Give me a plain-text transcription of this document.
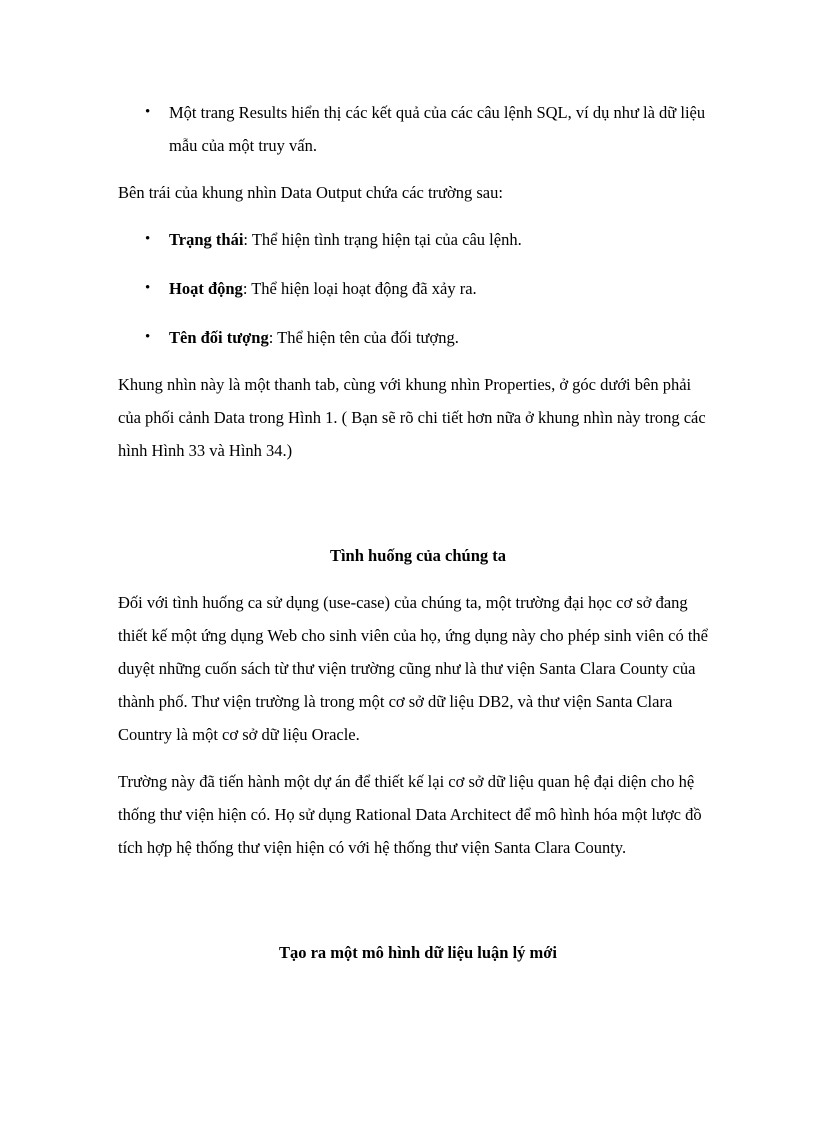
• Một trang Results hiển thị các kết quả của các câu lệnh SQL, ví dụ như là dữ liệu mẫu của một truy vấn.

Bên trái của khung nhìn Data Output chứa các trường sau:

• Trạng thái: Thể hiện tình trạng hiện tại của câu lệnh.
• Hoạt động: Thể hiện loại hoạt động đã xảy ra.
• Tên đối tượng: Thể hiện tên của đối tượng.

Khung nhìn này là một thanh tab, cùng với khung nhìn Properties, ở góc dưới bên phải của phối cảnh Data trong Hình 1. ( Bạn sẽ rõ chi tiết hơn nữa ở khung nhìn này trong các hình Hình 33 và Hình 34.)

Tình huống của chúng ta

Đối với tình huống ca sử dụng (use-case) của chúng ta, một trường đại học cơ sở đang thiết kế một ứng dụng Web cho sinh viên của họ, ứng dụng này cho phép sinh viên có thể duyệt những cuốn sách từ thư viện trường cũng như là thư viện Santa Clara County của thành phố. Thư viện trường là trong một cơ sở dữ liệu DB2, và thư viện Santa Clara Country là một cơ sở dữ liệu Oracle.

Trường này đã tiến hành một dự án để thiết kế lại cơ sở dữ liệu quan hệ đại diện cho hệ thống thư viện hiện có. Họ sử dụng Rational Data Architect để mô hình hóa một lược đồ tích hợp hệ thống thư viện hiện có với hệ thống thư viện Santa Clara County.

Tạo ra một mô hình dữ liệu luận lý mới
